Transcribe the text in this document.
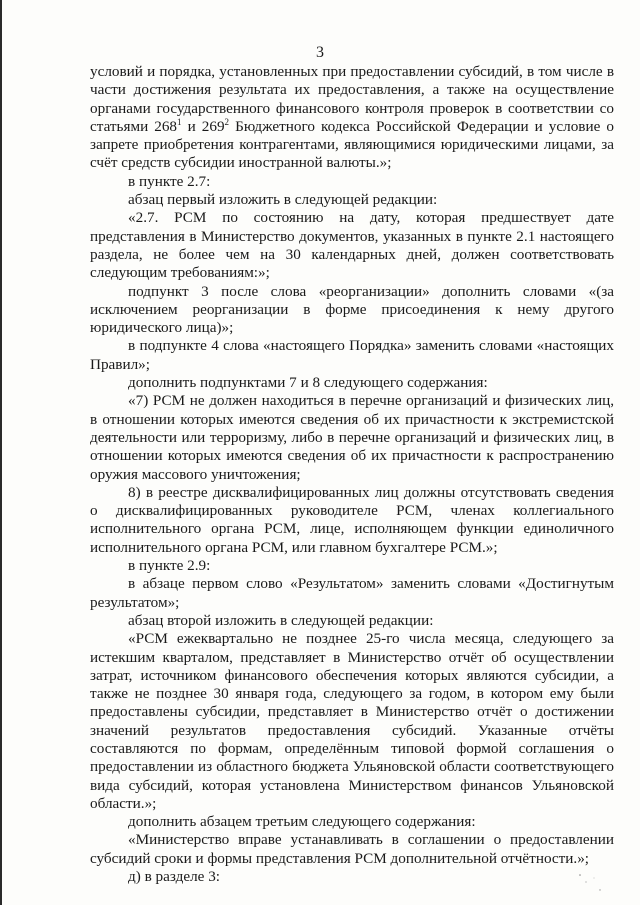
3

условий и порядка, установленных при предоставлении субсидий, в том числе в части достижения результата их предоставления, а также на осуществление органами государственного финансового контроля проверок в соответствии со статьями $268^1$ и $269^2$ Бюджетного кодекса Российской Федерации и условие о запрете приобретения контрагентами, являющимися юридическими лицами, за счёт средств субсидии иностранной валюты.»;

в пункте 2.7:

абзац первый изложить в следующей редакции:

«2.7. РСМ по состоянию на дату, которая предшествует дате представления в Министерство документов, указанных в пункте 2.1 настоящего раздела, не более чем на 30 календарных дней, должен соответствовать следующим требованиям:»;

подпункт 3 после слова «реорганизации» дополнить словами «(за исключением реорганизации в форме присоединения к нему другого юридического лица)»;

в подпункте 4 слова «настоящего Порядка» заменить словами «настоящих Правил»;

дополнить подпунктами 7 и 8 следующего содержания:

«7) РСМ не должен находиться в перечне организаций и физических лиц, в отношении которых имеются сведения об их причастности к экстремистской деятельности или терроризму, либо в перечне организаций и физических лиц, в отношении которых имеются сведения об их причастности к распространению оружия массового уничтожения;

8) в реестре дисквалифицированных лиц должны отсутствовать сведения о дисквалифицированных руководителе РСМ, членах коллегиального исполнительного органа РСМ, лице, исполняющем функции единоличного исполнительного органа РСМ, или главном бухгалтере РСМ.»;

в пункте 2.9:

в абзаце первом слово «Результатом» заменить словами «Достигнутым результатом»;

абзац второй изложить в следующей редакции:

«РСМ ежеквартально не позднее 25-го числа месяца, следующего за истекшим кварталом, представляет в Министерство отчёт об осуществлении затрат, источником финансового обеспечения которых являются субсидии, а также не позднее 30 января года, следующего за годом, в котором ему были предоставлены субсидии, представляет в Министерство отчёт о достижении значений результатов предоставления субсидий. Указанные отчёты составляются по формам, определённым типовой формой соглашения о предоставлении из областного бюджета Ульяновской области соответствующего вида субсидий, которая установлена Министерством финансов Ульяновской области.»;

дополнить абзацем третьим следующего содержания:

«Министерство вправе устанавливать в соглашении о предоставлении субсидий сроки и формы представления РСМ дополнительной отчётности.»;

д) в разделе 3:
